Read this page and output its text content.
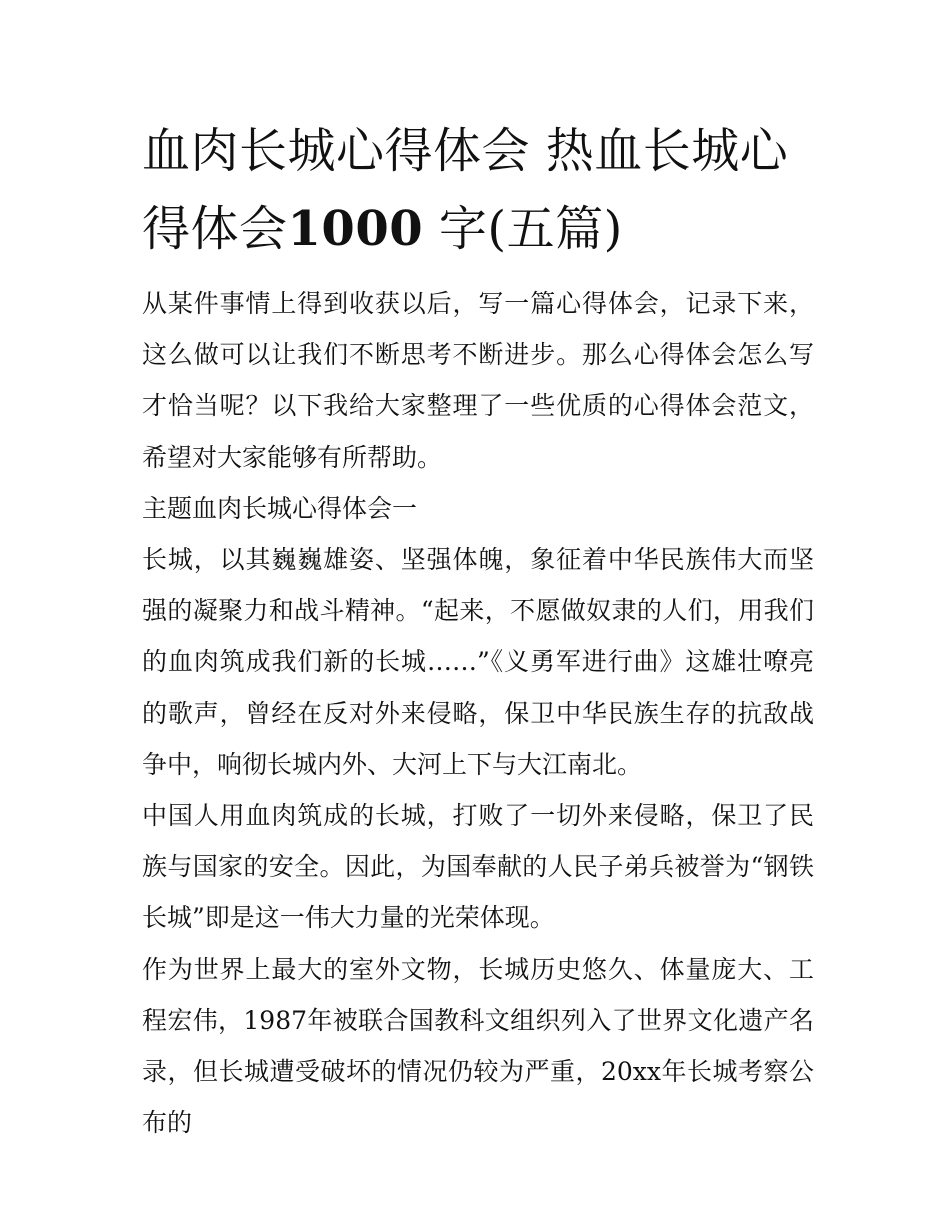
血肉长城心得体会 热血长城心得体会1000 字(五篇)

从某件事情上得到收获以后，写一篇心得体会，记录下来，这么做可以让我们不断思考不断进步。那么心得体会怎么写才恰当呢？以下我给大家整理了一些优质的心得体会范文，希望对大家能够有所帮助。

主题血肉长城心得体会一

长城，以其巍巍雄姿、坚强体魄，象征着中华民族伟大而坚强的凝聚力和战斗精神。“起来，不愿做奴隶的人们，用我们的血肉筑成我们新的长城……”《义勇军进行曲》这雄壮嘹亮的歌声，曾经在反对外来侵略，保卫中华民族生存的抗敌战争中，响彻长城内外、大河上下与大江南北。

中国人用血肉筑成的长城，打败了一切外来侵略，保卫了民族与国家的安全。因此，为国奉献的人民子弟兵被誉为“钢铁长城”即是这一伟大力量的光荣体现。

作为世界上最大的室外文物，长城历史悠久、体量庞大、工程宏伟，1987年被联合国教科文组织列入了世界文化遗产名录，但长城遭受破坏的情况仍较为严重，20xx年长城考察公布的
